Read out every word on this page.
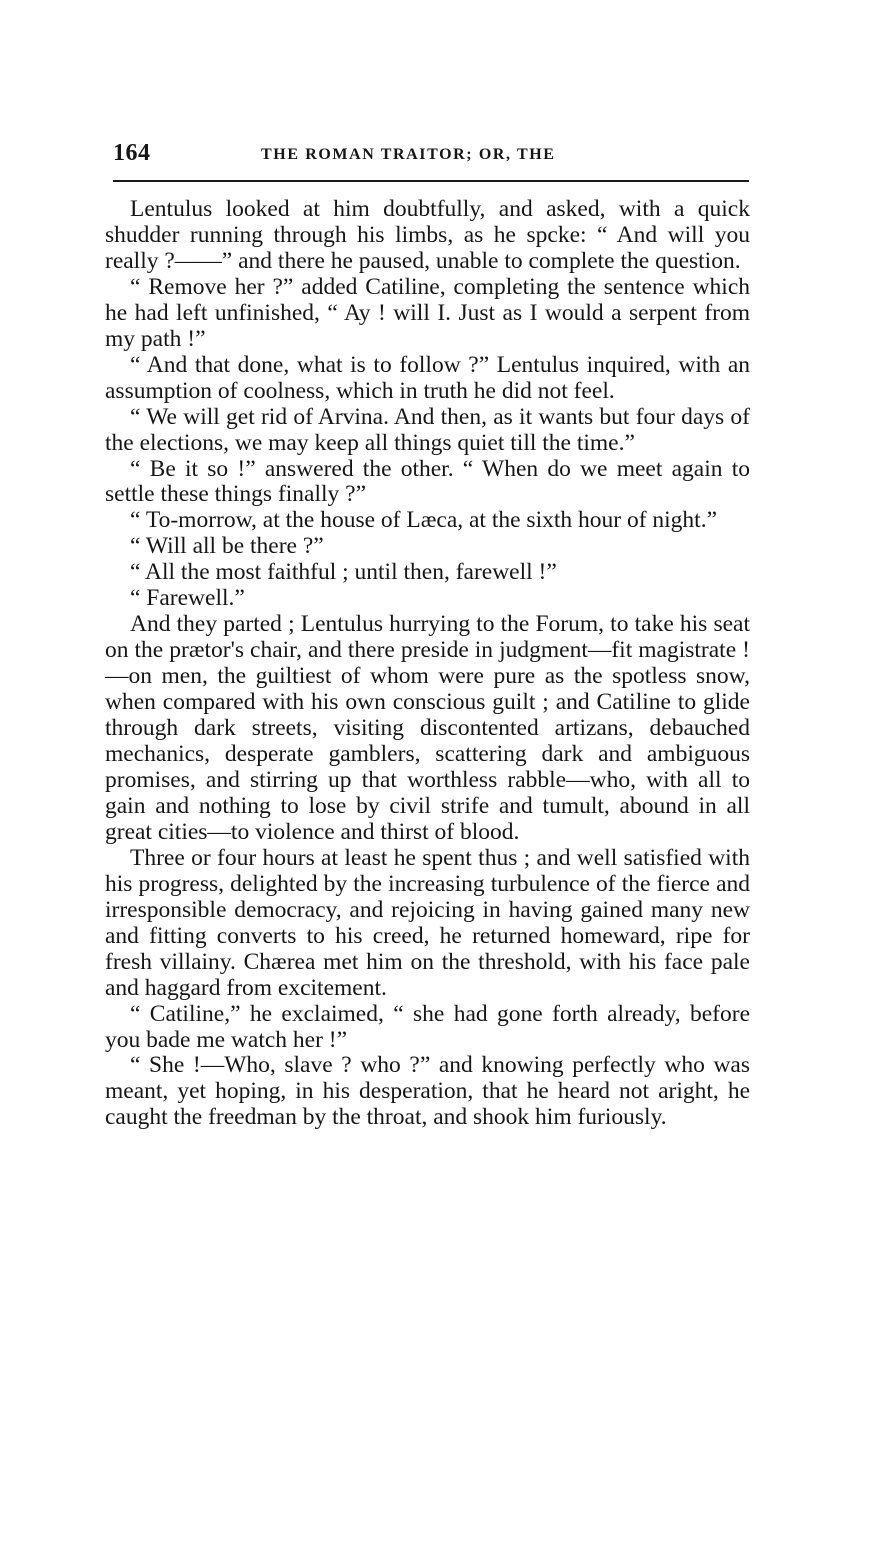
164	THE ROMAN TRAITOR; OR, THE

Lentulus looked at him doubtfully, and asked, with a quick shudder running through his limbs, as he spcke: “ And will you really ?——” and there he paused, unable to complete the question.

“ Remove her ?” added Catiline, completing the sentence which he had left unfinished, “ Ay ! will I. Just as I would a serpent from my path !”

“ And that done, what is to follow ?” Lentulus inquired, with an assumption of coolness, which in truth he did not feel.

“ We will get rid of Arvina. And then, as it wants but four days of the elections, we may keep all things quiet till the time.”

“ Be it so !” answered the other. “ When do we meet again to settle these things finally ?”

“ To-morrow, at the house of Læca, at the sixth hour of night.”

“ Will all be there ?”

“ All the most faithful ; until then, farewell !”

“ Farewell.”

And they parted ; Lentulus hurrying to the Forum, to take his seat on the prætor's chair, and there preside in judgment—fit magistrate !—on men, the guiltiest of whom were pure as the spotless snow, when compared with his own conscious guilt ; and Catiline to glide through dark streets, visiting discontented artizans, debauched mechanics, desperate gamblers, scattering dark and ambiguous promises, and stirring up that worthless rabble—who, with all to gain and nothing to lose by civil strife and tumult, abound in all great cities—to violence and thirst of blood.

Three or four hours at least he spent thus ; and well satisfied with his progress, delighted by the increasing turbulence of the fierce and irresponsible democracy, and rejoicing in having gained many new and fitting converts to his creed, he returned homeward, ripe for fresh villainy. Chærea met him on the threshold, with his face pale and haggard from excitement.

“ Catiline,” he exclaimed, “ she had gone forth already, before you bade me watch her !”

“ She !—Who, slave ? who ?” and knowing perfectly who was meant, yet hoping, in his desperation, that he heard not aright, he caught the freedman by the throat, and shook him furiously.
